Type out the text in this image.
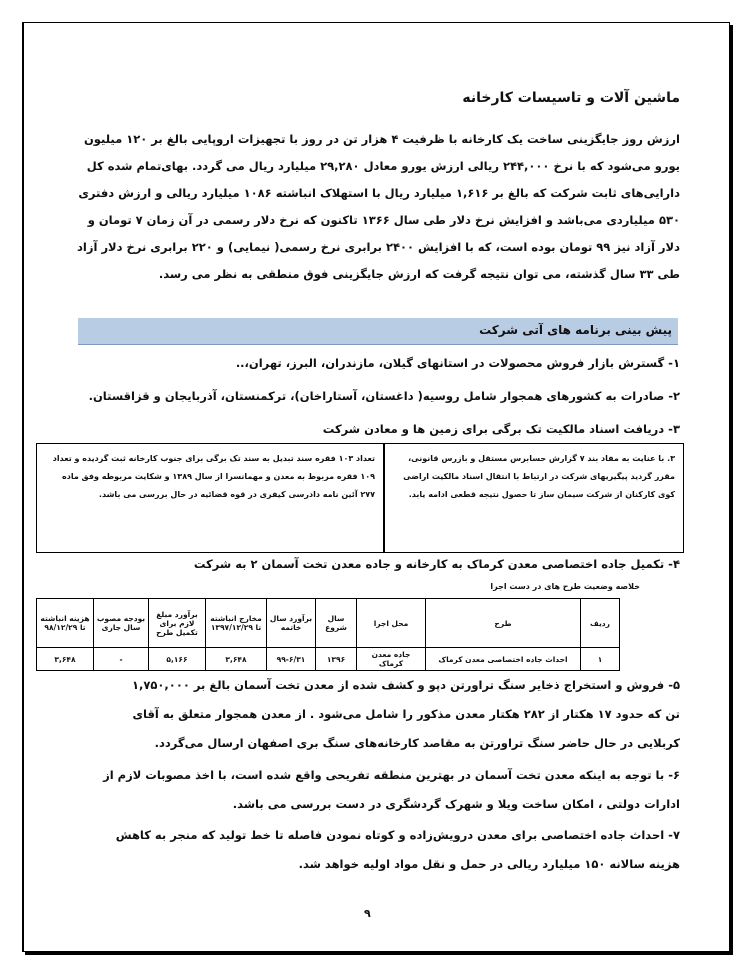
ماشین آلات و تاسیسات کارخانه

ارزش روز جایگزینی ساخت یک کارخانه با ظرفیت ۴ هزار تن در روز با تجهیزات اروپایی بالغ بر ۱۲۰ میلیون

یورو می‌شود که با نرخ ۲۴۴,۰۰۰ ریالی ارزش یورو معادل ۲۹,۲۸۰ میلیارد ریال می گردد. بهای‌تمام شده کل

دارایی‌های ثابت شرکت که بالغ بر ۱,۶۱۶ میلیارد ریال با استهلاک انباشته ۱۰۸۶ میلیارد ریالی و ارزش دفتری

۵۳۰ میلیاردی می‌باشد و افزایش نرخ دلار طی سال ۱۳۶۶ تاکنون که نرخ دلار رسمی در آن زمان ۷ تومان و

دلار آزاد نیز ۹۹ تومان بوده است، که با افزایش ۲۴۰۰ برابری نرخ رسمی( نیمایی) و ۲۲۰ برابری نرخ دلار آزاد

طی ۳۳ سال گذشته، می توان نتیجه گرفت که ارزش جایگزینی فوق منطقی به نظر می رسد.

پیش بینی برنامه های آتی شرکت
۱- گسترش بازار فروش محصولات در استانهای گیلان، مازندران، البرز، تهران،..
۲- صادرات به کشورهای همجوار شامل روسیه( داغستان، آستاراخان)، ترکمنستان، آذربایجان و قزاقستان.
۳- دریافت اسناد مالکیت تک برگی برای زمین ها و معادن شرکت
۳. با عنایت به مفاد بند ۷ گزارش حسابرس مستقل و بازرس قانونی، مقرر گردید پیگیریهای شرکت در ارتباط با انتقال اسناد مالکیت اراضی کوی کارکنان از شرکت سیمان ساز تا حصول نتیجه قطعی ادامه یابد.
تعداد ۱۰۳ فقره سند تبدیل به سند تک برگی برای جنوب کارخانه ثبت گردیده و تعداد ۱۰۹ فقره مربوط به معدن و مهمانسرا از سال ۱۳۸۹ و شکایت مربوطه وفق ماده ۲۷۷ آئین نامه دادرسی کیفری در قوه قضائیه در حال بررسی می باشد.
۴- تکمیل جاده اختصاصی معدن کرماک به کارخانه و جاده معدن تخت آسمان ۲ به شرکت
خلاصه وضعیت طرح های در دست اجرا
ردیف	طرح	محل اجرا	سال شروع	برآورد سال خاتمه	مخارج انباشته تا ۱۳۹۷/۱۲/۲۹	برآورد مبلغ لازم برای تکمیل طرح	بودجه مصوب سال جاری	هزینه انباشته تا ۹۸/۱۲/۲۹
۱	احداث جاده اختصاصی معدن کرماک	جاده معدن کرماک	۱۳۹۶	۹۹-۶/۳۱	۳,۶۴۸	۵,۱۶۶	-	۳,۶۴۸
۵- فروش و استخراج ذخایر سنگ تراورتن دپو و کشف شده از معدن تخت آسمان بالغ بر ۱,۷۵۰,۰۰۰
تن که حدود ۱۷ هکتار از ۲۸۲ هکتار معدن مذکور را شامل می‌شود . از معدن همجوار متعلق به آقای
کربلایی در حال حاضر سنگ تراورتن به مقاصد کارخانه‌های سنگ بری اصفهان ارسال می‌گردد.
۶- با توجه به اینکه معدن تخت آسمان در بهترین منطقه تفریحی واقع شده است، با اخذ مصوبات لازم از
ادارات دولتی ، امکان ساخت ویلا و شهرک گردشگری در دست بررسی می باشد.
۷- احداث جاده اختصاصی برای معدن درویش‌زاده و کوتاه نمودن فاصله تا خط تولید که منجر به کاهش
هزینه سالانه ۱۵۰ میلیارد ریالی در حمل و نقل مواد اولیه خواهد شد.
۹
